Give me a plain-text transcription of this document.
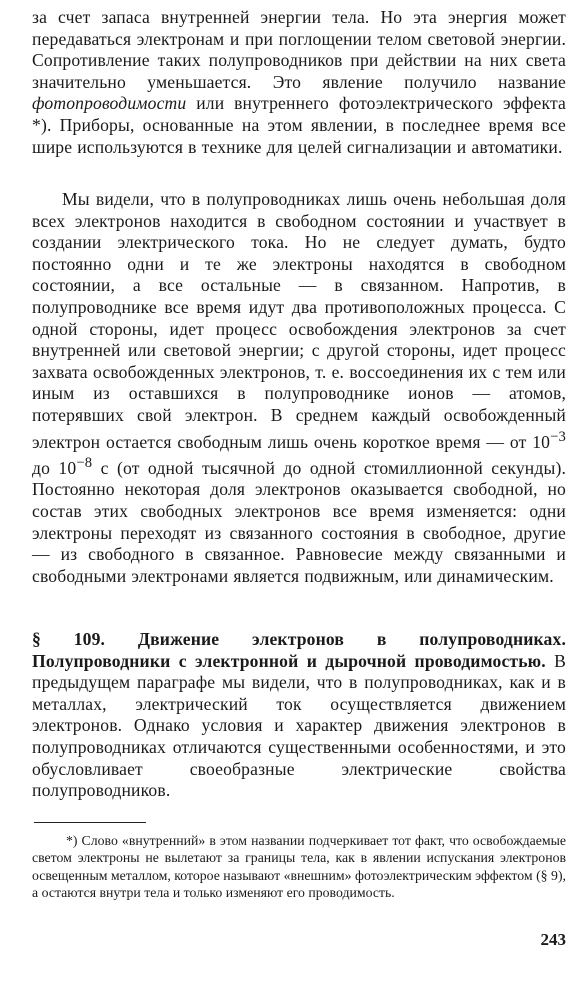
за счет запаса внутренней энергии тела. Но эта энергия может передаваться электронам и при поглощении телом световой энергии. Сопротивление таких полупроводников при действии на них света значительно уменьшается. Это явление получило название фотопроводимости или внутреннего фотоэлектрического эффекта *). Приборы, основанные на этом явлении, в последнее время все шире используются в технике для целей сигнализации и автоматики.

Мы видели, что в полупроводниках лишь очень небольшая доля всех электронов находится в свободном состоянии и участвует в создании электрического тока. Но не следует думать, будто постоянно одни и те же электроны находятся в свободном состоянии, а все остальные — в связанном. Напротив, в полупроводнике все время идут два противоположных процесса. С одной стороны, идет процесс освобождения электронов за счет внутренней или световой энергии; с другой стороны, идет процесс захвата освобожденных электронов, т. е. воссоединения их с тем или иным из оставшихся в полупроводнике ионов — атомов, потерявших свой электрон. В среднем каждый освобожденный электрон остается свободным лишь очень короткое время — от $10^{-3}$ до $10^{-8}$ с (от одной тысячной до одной стомиллионной секунды). Постоянно некоторая доля электронов оказывается свободной, но состав этих свободных электронов все время изменяется: одни электроны переходят из связанного состояния в свободное, другие — из свободного в связанное. Равновесие между связанными и свободными электронами является подвижным, или динамическим.

§ 109. Движение электронов в полупроводниках. Полупроводники с электронной и дырочной проводимостью. В предыдущем параграфе мы видели, что в полупроводниках, как и в металлах, электрический ток осуществляется движением электронов. Однако условия и характер движения электронов в полупроводниках отличаются существенными особенностями, и это обусловливает своеобразные электрические свойства полупроводников.

*) Слово «внутренний» в этом названии подчеркивает тот факт, что освобождаемые светом электроны не вылетают за границы тела, как в явлении испускания электронов освещенным металлом, которое называют «внешним» фотоэлектрическим эффектом (§ 9), а остаются внутри тела и только изменяют его проводимость.

243
